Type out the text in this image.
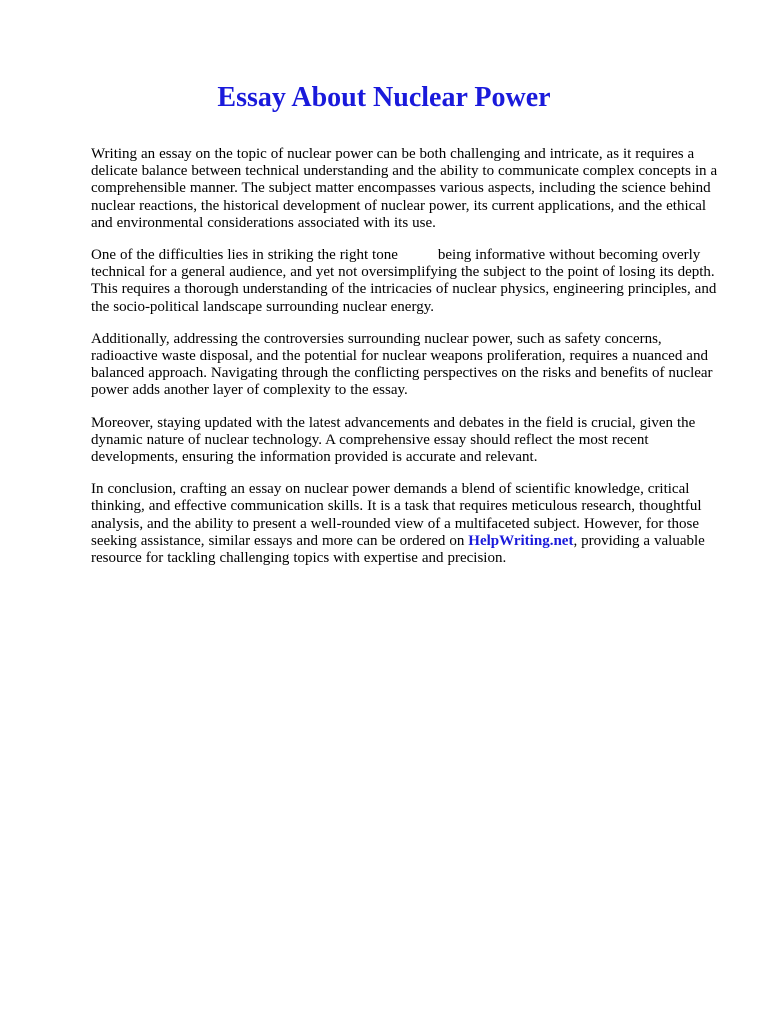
Essay About Nuclear Power

Writing an essay on the topic of nuclear power can be both challenging and intricate, as it requires a delicate balance between technical understanding and the ability to communicate complex concepts in a comprehensible manner. The subject matter encompasses various aspects, including the science behind nuclear reactions, the historical development of nuclear power, its current applications, and the ethical and environmental considerations associated with its use.

One of the difficulties lies in striking the right tone	being informative without becoming overly technical for a general audience, and yet not oversimplifying the subject to the point of losing its depth. This requires a thorough understanding of the intricacies of nuclear physics, engineering principles, and the socio-political landscape surrounding nuclear energy.

Additionally, addressing the controversies surrounding nuclear power, such as safety concerns, radioactive waste disposal, and the potential for nuclear weapons proliferation, requires a nuanced and balanced approach. Navigating through the conflicting perspectives on the risks and benefits of nuclear power adds another layer of complexity to the essay.

Moreover, staying updated with the latest advancements and debates in the field is crucial, given the dynamic nature of nuclear technology. A comprehensive essay should reflect the most recent developments, ensuring the information provided is accurate and relevant.

In conclusion, crafting an essay on nuclear power demands a blend of scientific knowledge, critical thinking, and effective communication skills. It is a task that requires meticulous research, thoughtful analysis, and the ability to present a well-rounded view of a multifaceted subject. However, for those seeking assistance, similar essays and more can be ordered on HelpWriting.net, providing a valuable resource for tackling challenging topics with expertise and precision.
